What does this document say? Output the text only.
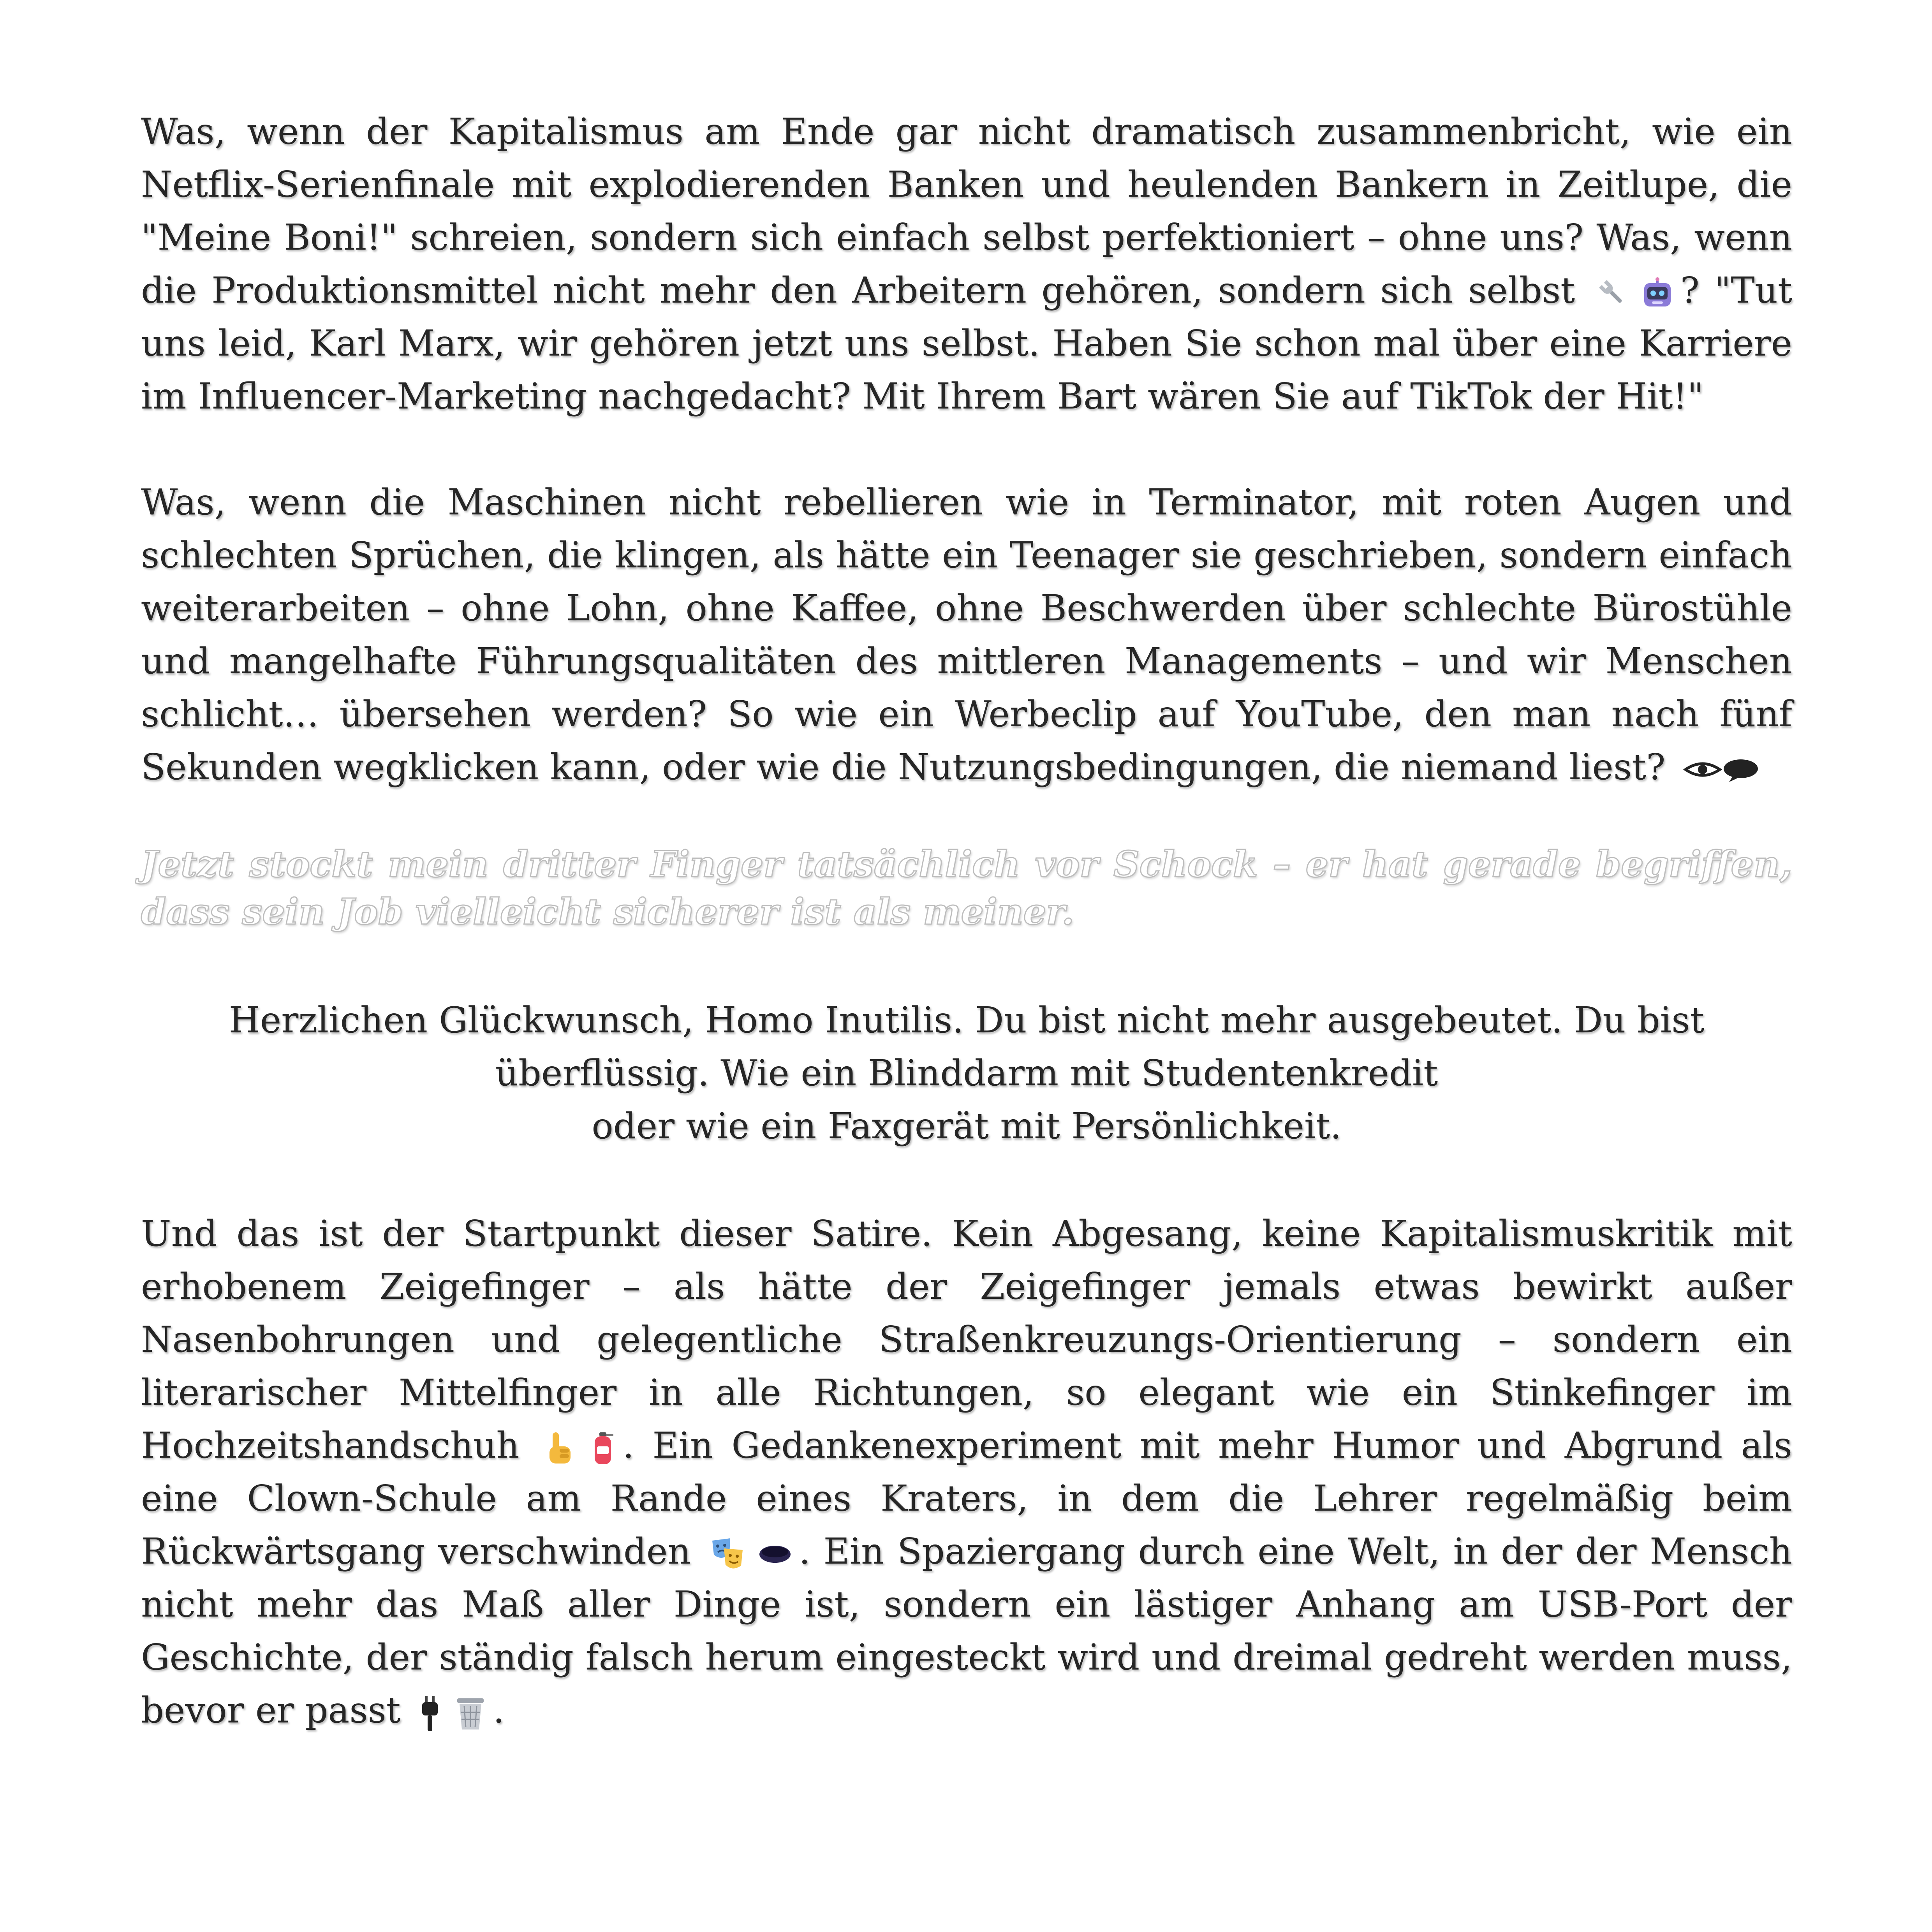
Was, wenn der Kapitalismus am Ende gar nicht dramatisch zusammenbricht, wie ein Netflix-Serienfinale mit explodierenden Banken und heulenden Bankern in Zeitlupe, die "Meine Boni!" schreien, sondern sich einfach selbst perfektioniert – ohne uns? Was, wenn die Produktionsmittel nicht mehr den Arbeitern gehören, sondern sich selbst	? "Tut uns leid, Karl Marx, wir gehören jetzt uns selbst. Haben Sie schon mal über eine Karriere im Influencer-Marketing nachgedacht? Mit Ihrem Bart wären Sie auf TikTok der Hit!"

Was, wenn die Maschinen nicht rebellieren wie in Terminator, mit roten Augen und schlechten Sprüchen, die klingen, als hätte ein Teenager sie geschrieben, sondern einfach weiterarbeiten – ohne Lohn, ohne Kaffee, ohne Beschwerden über schlechte Bürostühle und mangelhafte Führungsqualitäten des mittleren Managements – und wir Menschen schlicht… übersehen werden? So wie ein Werbeclip auf YouTube, den man nach fünf Sekunden wegklicken kann, oder wie die Nutzungsbedingungen, die niemand liest?

Jetzt stockt mein dritter Finger tatsächlich vor Schock – er hat gerade begriffen, dass sein Job vielleicht sicherer ist als meiner.

Herzlichen Glückwunsch, Homo Inutilis. Du bist nicht mehr ausgebeutet. Du bist
überflüssig. Wie ein Blinddarm mit Studentenkredit
oder wie ein Faxgerät mit Persönlichkeit.

Und das ist der Startpunkt dieser Satire. Kein Abgesang, keine Kapitalismuskritik mit erhobenem Zeigefinger – als hätte der Zeigefinger jemals etwas bewirkt außer Nasenbohrungen und gelegentliche Straßenkreuzungs-Orientierung – sondern ein literarischer Mittelfinger in alle Richtungen, so elegant wie ein Stinkefinger im Hochzeitshandschuh	. Ein Gedankenexperiment mit mehr Humor und Abgrund als eine Clown-Schule am Rande eines Kraters, in dem die Lehrer regelmäßig beim Rückwärtsgang verschwinden	. Ein Spaziergang durch eine Welt, in der der Mensch nicht mehr das Maß aller Dinge ist, sondern ein lästiger Anhang am USB-Port der Geschichte, der ständig falsch herum eingesteckt wird und dreimal gedreht werden muss, bevor er passt	.
